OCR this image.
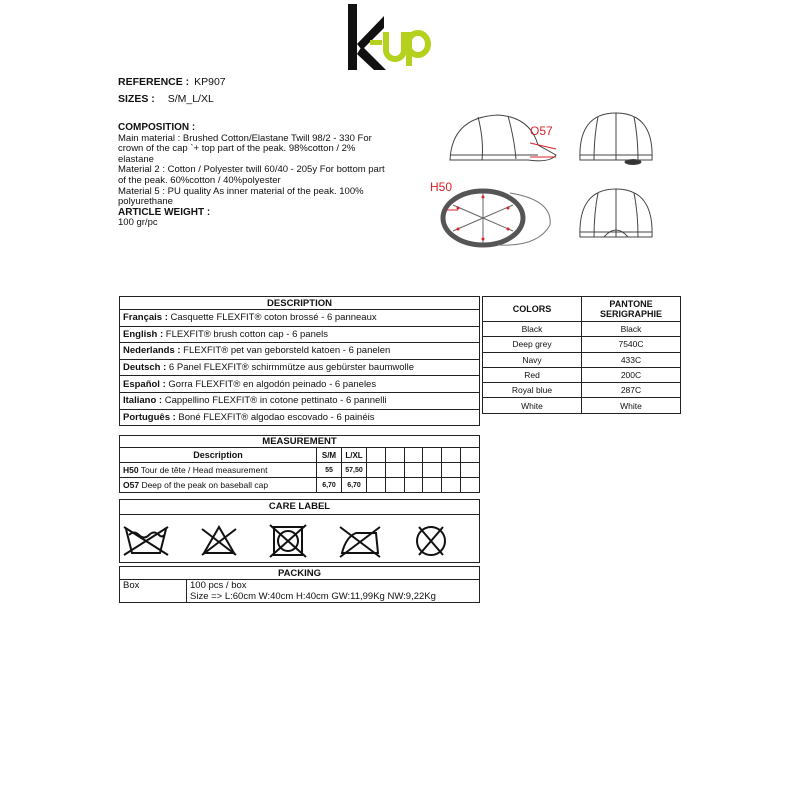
REFERENCE : KP907
SIZES : S/M_L/XL
COMPOSITION :
Main material : Brushed Cotton/Elastane Twill 98/2 - 330 For
crown of the cap `+ top part of the peak. 98%cotton / 2%
elastane
Material 2 : Cotton / Polyester twill 60/40 - 205y For bottom part
of the peak. 60%cotton / 40%polyester
Material 5 : PU quality As inner material of the peak. 100%
polyurethane
ARTICLE WEIGHT :
100 gr/pc
O57
H50
DESCRIPTION
Français : Casquette FLEXFIT® coton brossé - 6 panneaux
English : FLEXFIT® brush cotton cap - 6 panels
Nederlands : FLEXFIT® pet van geborsteld katoen - 6 panelen
Deutsch : 6 Panel FLEXFIT® schirmmütze aus gebürster baumwolle
Español : Gorra FLEXFIT® en algodón peinado - 6 paneles
Italiano : Cappellino FLEXFIT® in cotone pettinato - 6 pannelli
Português : Boné FLEXFIT® algodao escovado - 6 painéis
COLORS	PANTONE SERIGRAPHIE
Black	Black
Deep grey	7540C
Navy	433C
Red	200C
Royal blue	287C
White	White
MEASUREMENT								
Description	S/M	L/XL						
H50 Tour de tête / Head measurement	55	57,50						
O57 Deep of the peak on baseball cap	6,70	6,70						
CARE LABEL
PACKING
Box	100 pcs / box
Size => L:60cm W:40cm H:40cm GW:11,99Kg NW:9,22Kg
